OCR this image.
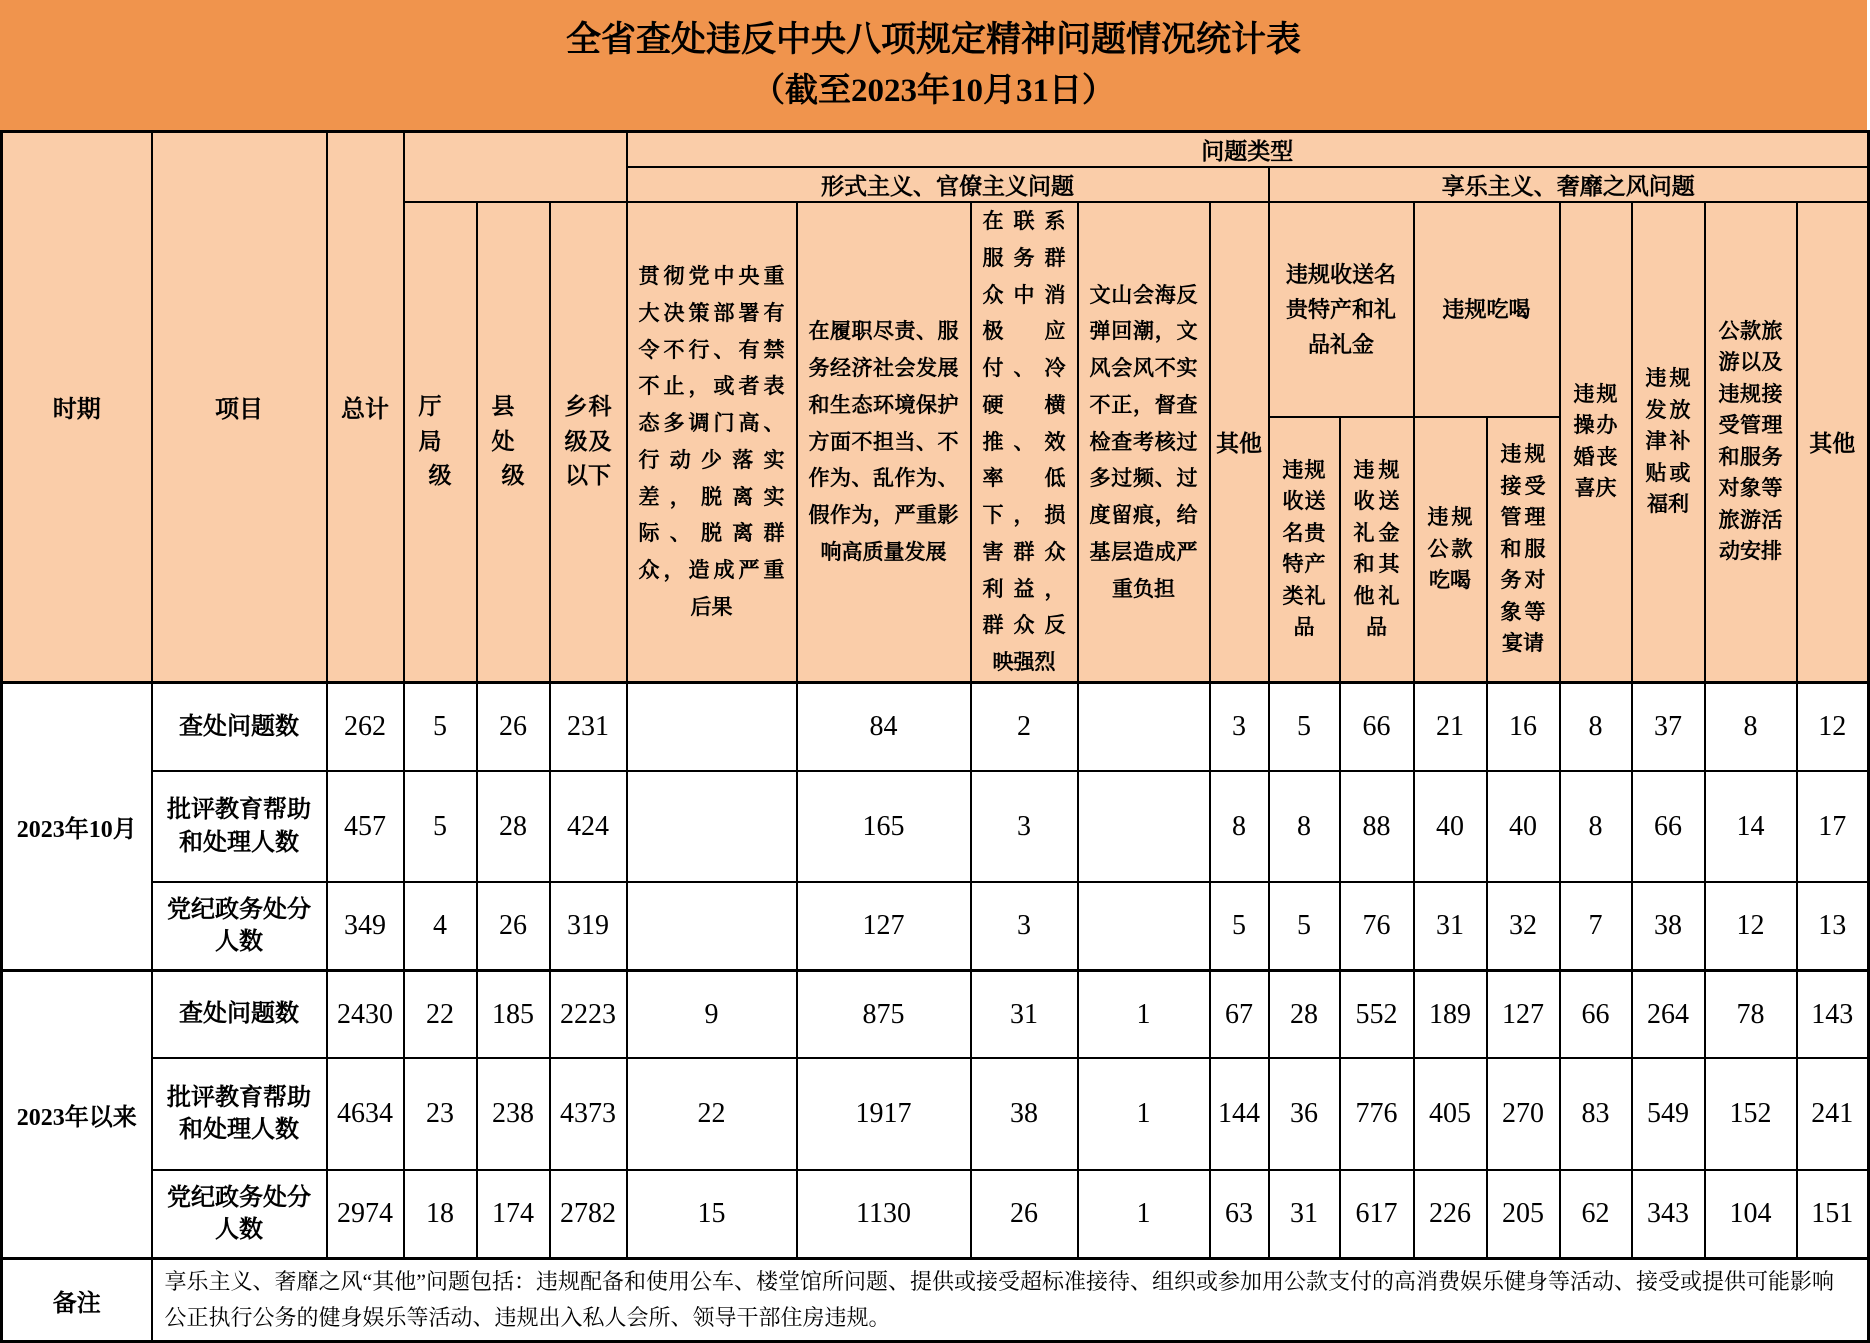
全省查处违反中央八项规定精神问题情况统计表
（截至2023年10月31日）
时期	项目	总计				问题类型												
						形式主义、官僚主义问题					享乐主义、奢靡之风问题							
			厅局级	县处级	乡科级及以下	贯彻党中央重大决策部署有令不行、有禁不止，或者表态多调门高、行动少落实差，脱离实际、脱离群众，造成严重后果	在履职尽责、服务经济社会发展和生态环境保护方面不担当、不作为、乱作为、假作为，严重影响高质量发展	在联系服务群众中消极应付、冷硬横推、效率低下，损害群众利益，群众反映强烈	文山会海反弹回潮，文风会风不实不正，督查检查考核过多过频、过度留痕，给基层造成严重负担	其他	违规收送名贵特产和礼品礼金		违规吃喝		违规操办婚丧喜庆	违规发放津补贴或福利	公款旅游以及违规接受管理和服务对象等旅游活动安排	其他
											违规收送名贵特产类礼品	违规收送礼金和其他礼品	违规公款吃喝	违规接受管理和服务对象等宴请				
2023年10月	查处问题数	262	5	26	231		84	2		3	5	66	21	16	8	37	8	12
	批评教育帮助和处理人数	457	5	28	424		165	3		8	8	88	40	40	8	66	14	17
	党纪政务处分人数	349	4	26	319		127	3		5	5	76	31	32	7	38	12	13
2023年以来	查处问题数	2430	22	185	2223	9	875	31	1	67	28	552	189	127	66	264	78	143
	批评教育帮助和处理人数	4634	23	238	4373	22	1917	38	1	144	36	776	405	270	83	549	152	241
	党纪政务处分人数	2974	18	174	2782	15	1130	26	1	63	31	617	226	205	62	343	104	151
备注	享乐主义、奢靡之风“其他”问题包括：违规配备和使用公车、楼堂馆所问题、提供或接受超标准接待、组织或参加用公款支付的高消费娱乐健身等活动、接受或提供可能影响公正执行公务的健身娱乐等活动、违规出入私人会所、领导干部住房违规。																	
